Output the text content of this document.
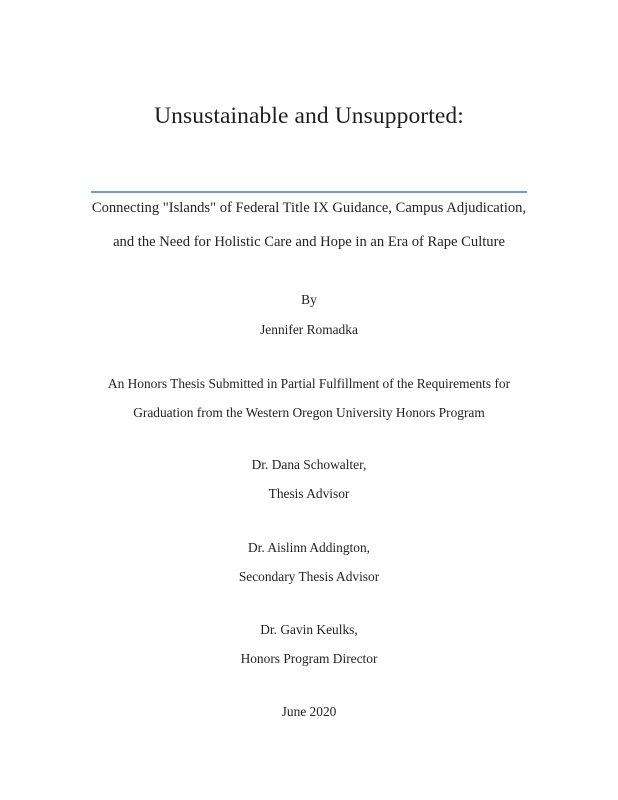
Unsustainable and Unsupported:
Connecting "Islands" of Federal Title IX Guidance, Campus Adjudication,
and the Need for Holistic Care and Hope in an Era of Rape Culture
By
Jennifer Romadka
An Honors Thesis Submitted in Partial Fulfillment of the Requirements for
Graduation from the Western Oregon University Honors Program
Dr. Dana Schowalter,
Thesis Advisor
Dr. Aislinn Addington,
Secondary Thesis Advisor
Dr. Gavin Keulks,
Honors Program Director
June 2020
